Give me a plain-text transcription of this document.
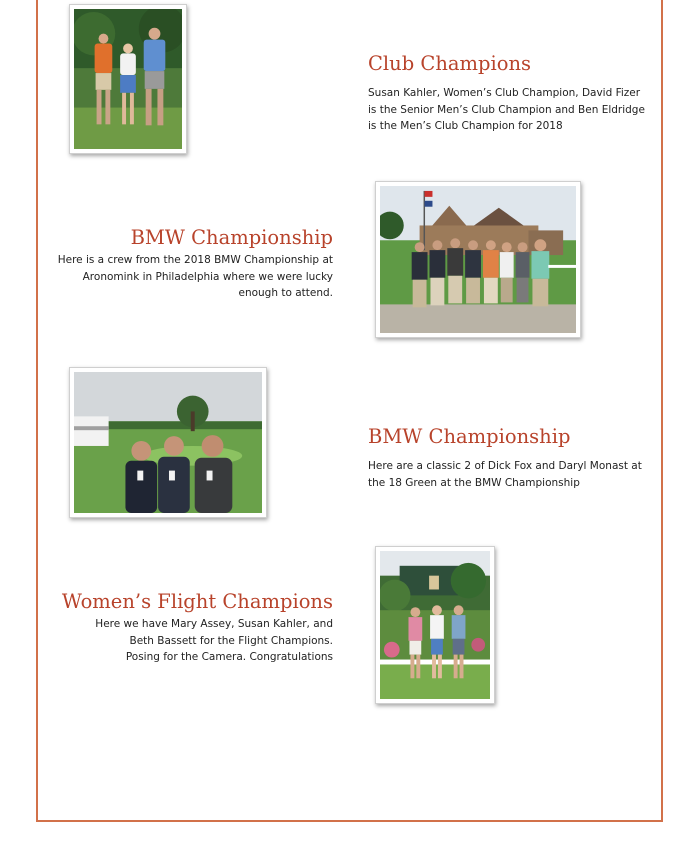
Club Champions
Susan Kahler, Women’s Club Champion, David Fizer
is the Senior Men’s Club Champion and Ben Eldridge
is the Men’s Club Champion for 2018
BMW Championship
Here is a crew from the 2018 BMW Championship at
Aronomink in Philadelphia where we were lucky
enough to attend.
BMW Championship
Here are a classic 2 of Dick Fox and Daryl Monast at
the 18 Green at the BMW Championship
Women’s Flight Champions
Here we have Mary Assey, Susan Kahler, and
Beth Bassett for the Flight Champions.
Posing for the Camera. Congratulations
